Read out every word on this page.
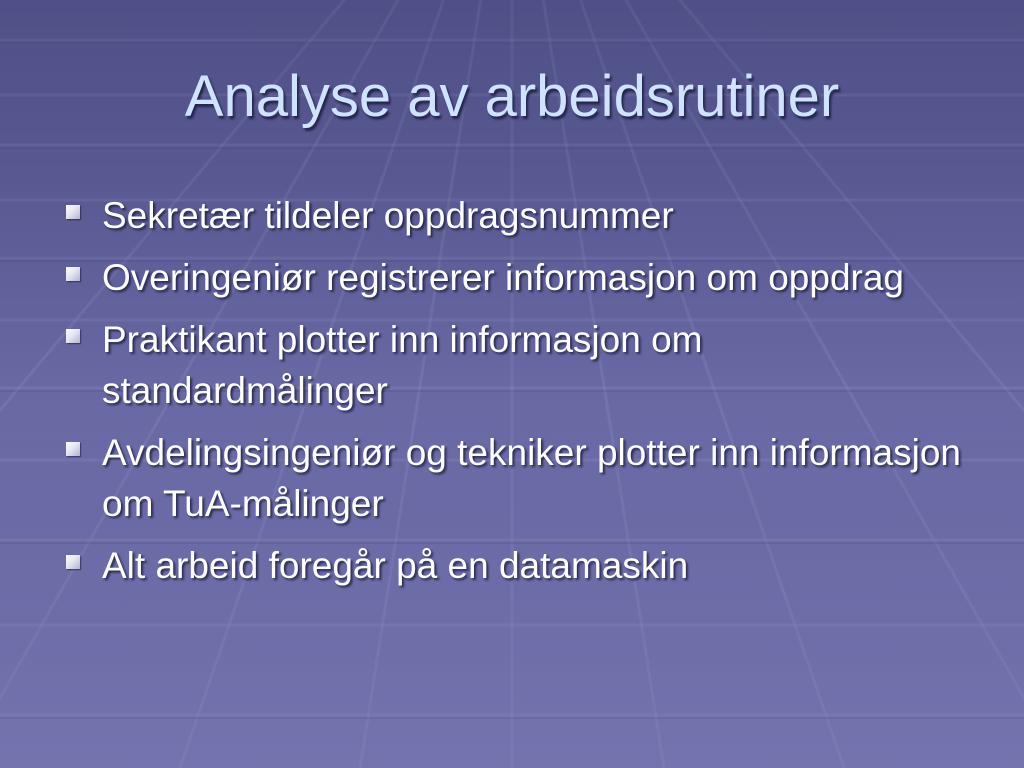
Analyse av arbeidsrutiner
Sekretær tildeler oppdragsnummer
Overingeniør registrerer informasjon om oppdrag
Praktikant plotter inn informasjon om standardmålinger
Avdelingsingeniør og tekniker plotter inn informasjon om TuA-målinger
Alt arbeid foregår på en datamaskin
